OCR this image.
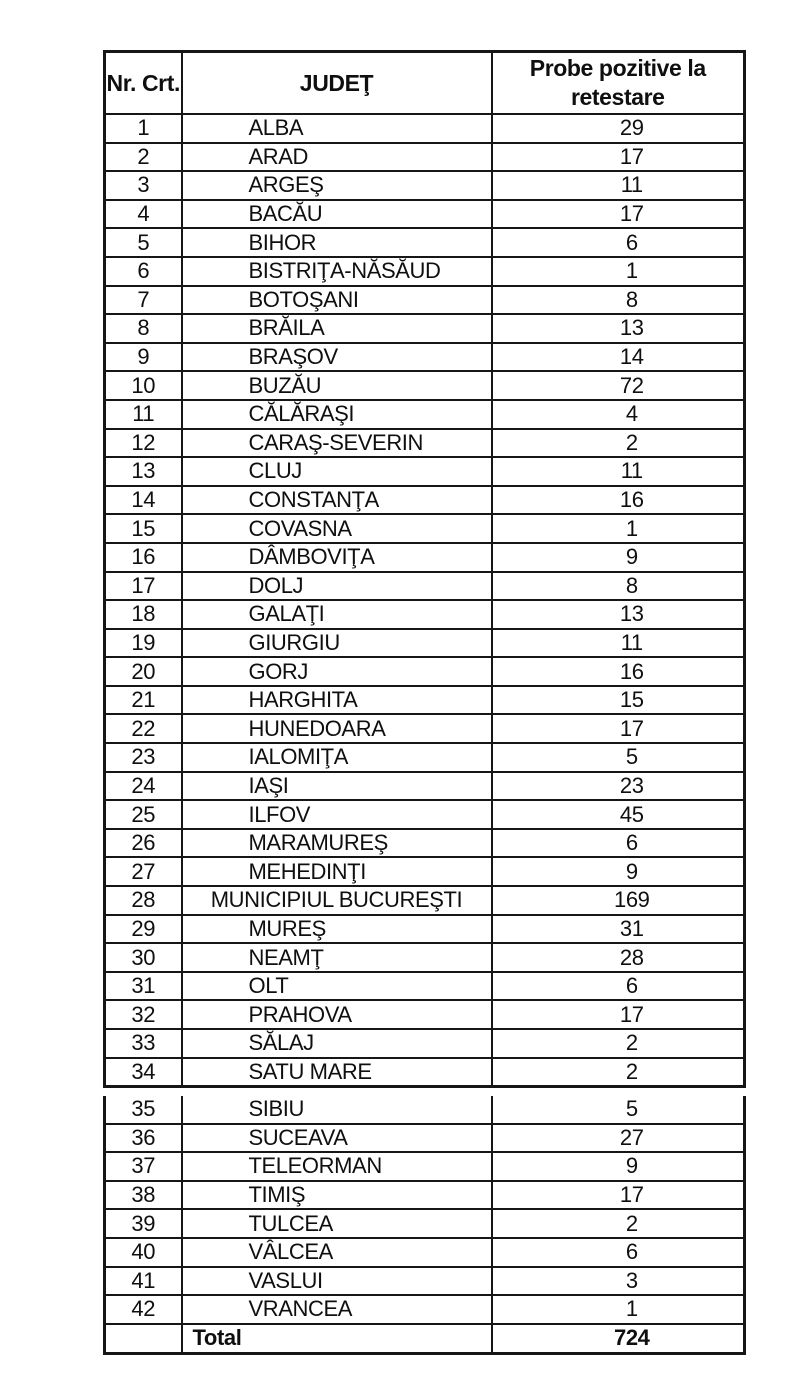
Nr. Crt.	JUDEŢ	Probe pozitive la retestare
1	ALBA	29
2	ARAD	17
3	ARGEŞ	11
4	BACĂU	17
5	BIHOR	6
6	BISTRIŢA-NĂSĂUD	1
7	BOTOŞANI	8
8	BRĂILA	13
9	BRAŞOV	14
10	BUZĂU	72
11	CĂLĂRAŞI	4
12	CARAŞ-SEVERIN	2
13	CLUJ	11
14	CONSTANŢA	16
15	COVASNA	1
16	DÂMBOVIŢA	9
17	DOLJ	8
18	GALAŢI	13
19	GIURGIU	11
20	GORJ	16
21	HARGHITA	15
22	HUNEDOARA	17
23	IALOMIŢA	5
24	IAŞI	23
25	ILFOV	45
26	MARAMUREŞ	6
27	MEHEDINŢI	9
28	MUNICIPIUL BUCUREŞTI	169
29	MUREŞ	31
30	NEAMŢ	28
31	OLT	6
32	PRAHOVA	17
33	SĂLAJ	2
34	SATU MARE	2
35	SIBIU	5
36	SUCEAVA	27
37	TELEORMAN	9
38	TIMIŞ	17
39	TULCEA	2
40	VÂLCEA	6
41	VASLUI	3
42	VRANCEA	1
	Total	724
